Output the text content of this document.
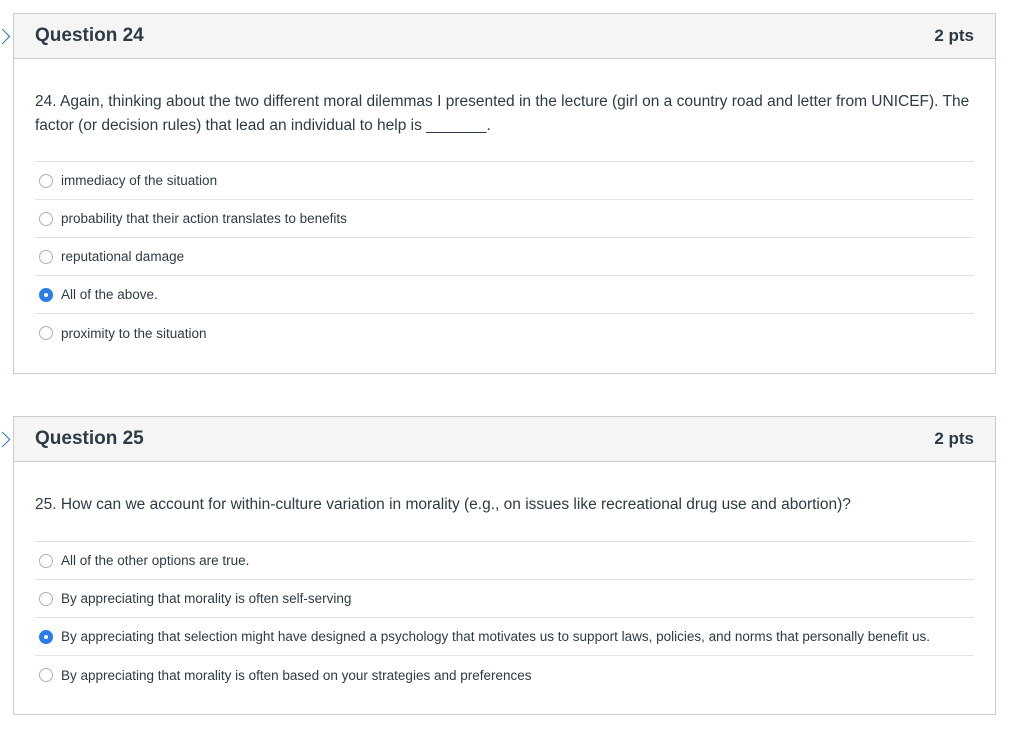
Question 24	2 pts
24. Again, thinking about the two different moral dilemmas I presented in the lecture (girl on a country road and letter from UNICEF). The factor (or decision rules) that lead an individual to help is _______.
immediacy of the situation
probability that their action translates to benefits
reputational damage
All of the above.
proximity to the situation
Question 25	2 pts
25. How can we account for within-culture variation in morality (e.g., on issues like recreational drug use and abortion)?
All of the other options are true.
By appreciating that morality is often self-serving
By appreciating that selection might have designed a psychology that motivates us to support laws, policies, and norms that personally benefit us.
By appreciating that morality is often based on your strategies and preferences
